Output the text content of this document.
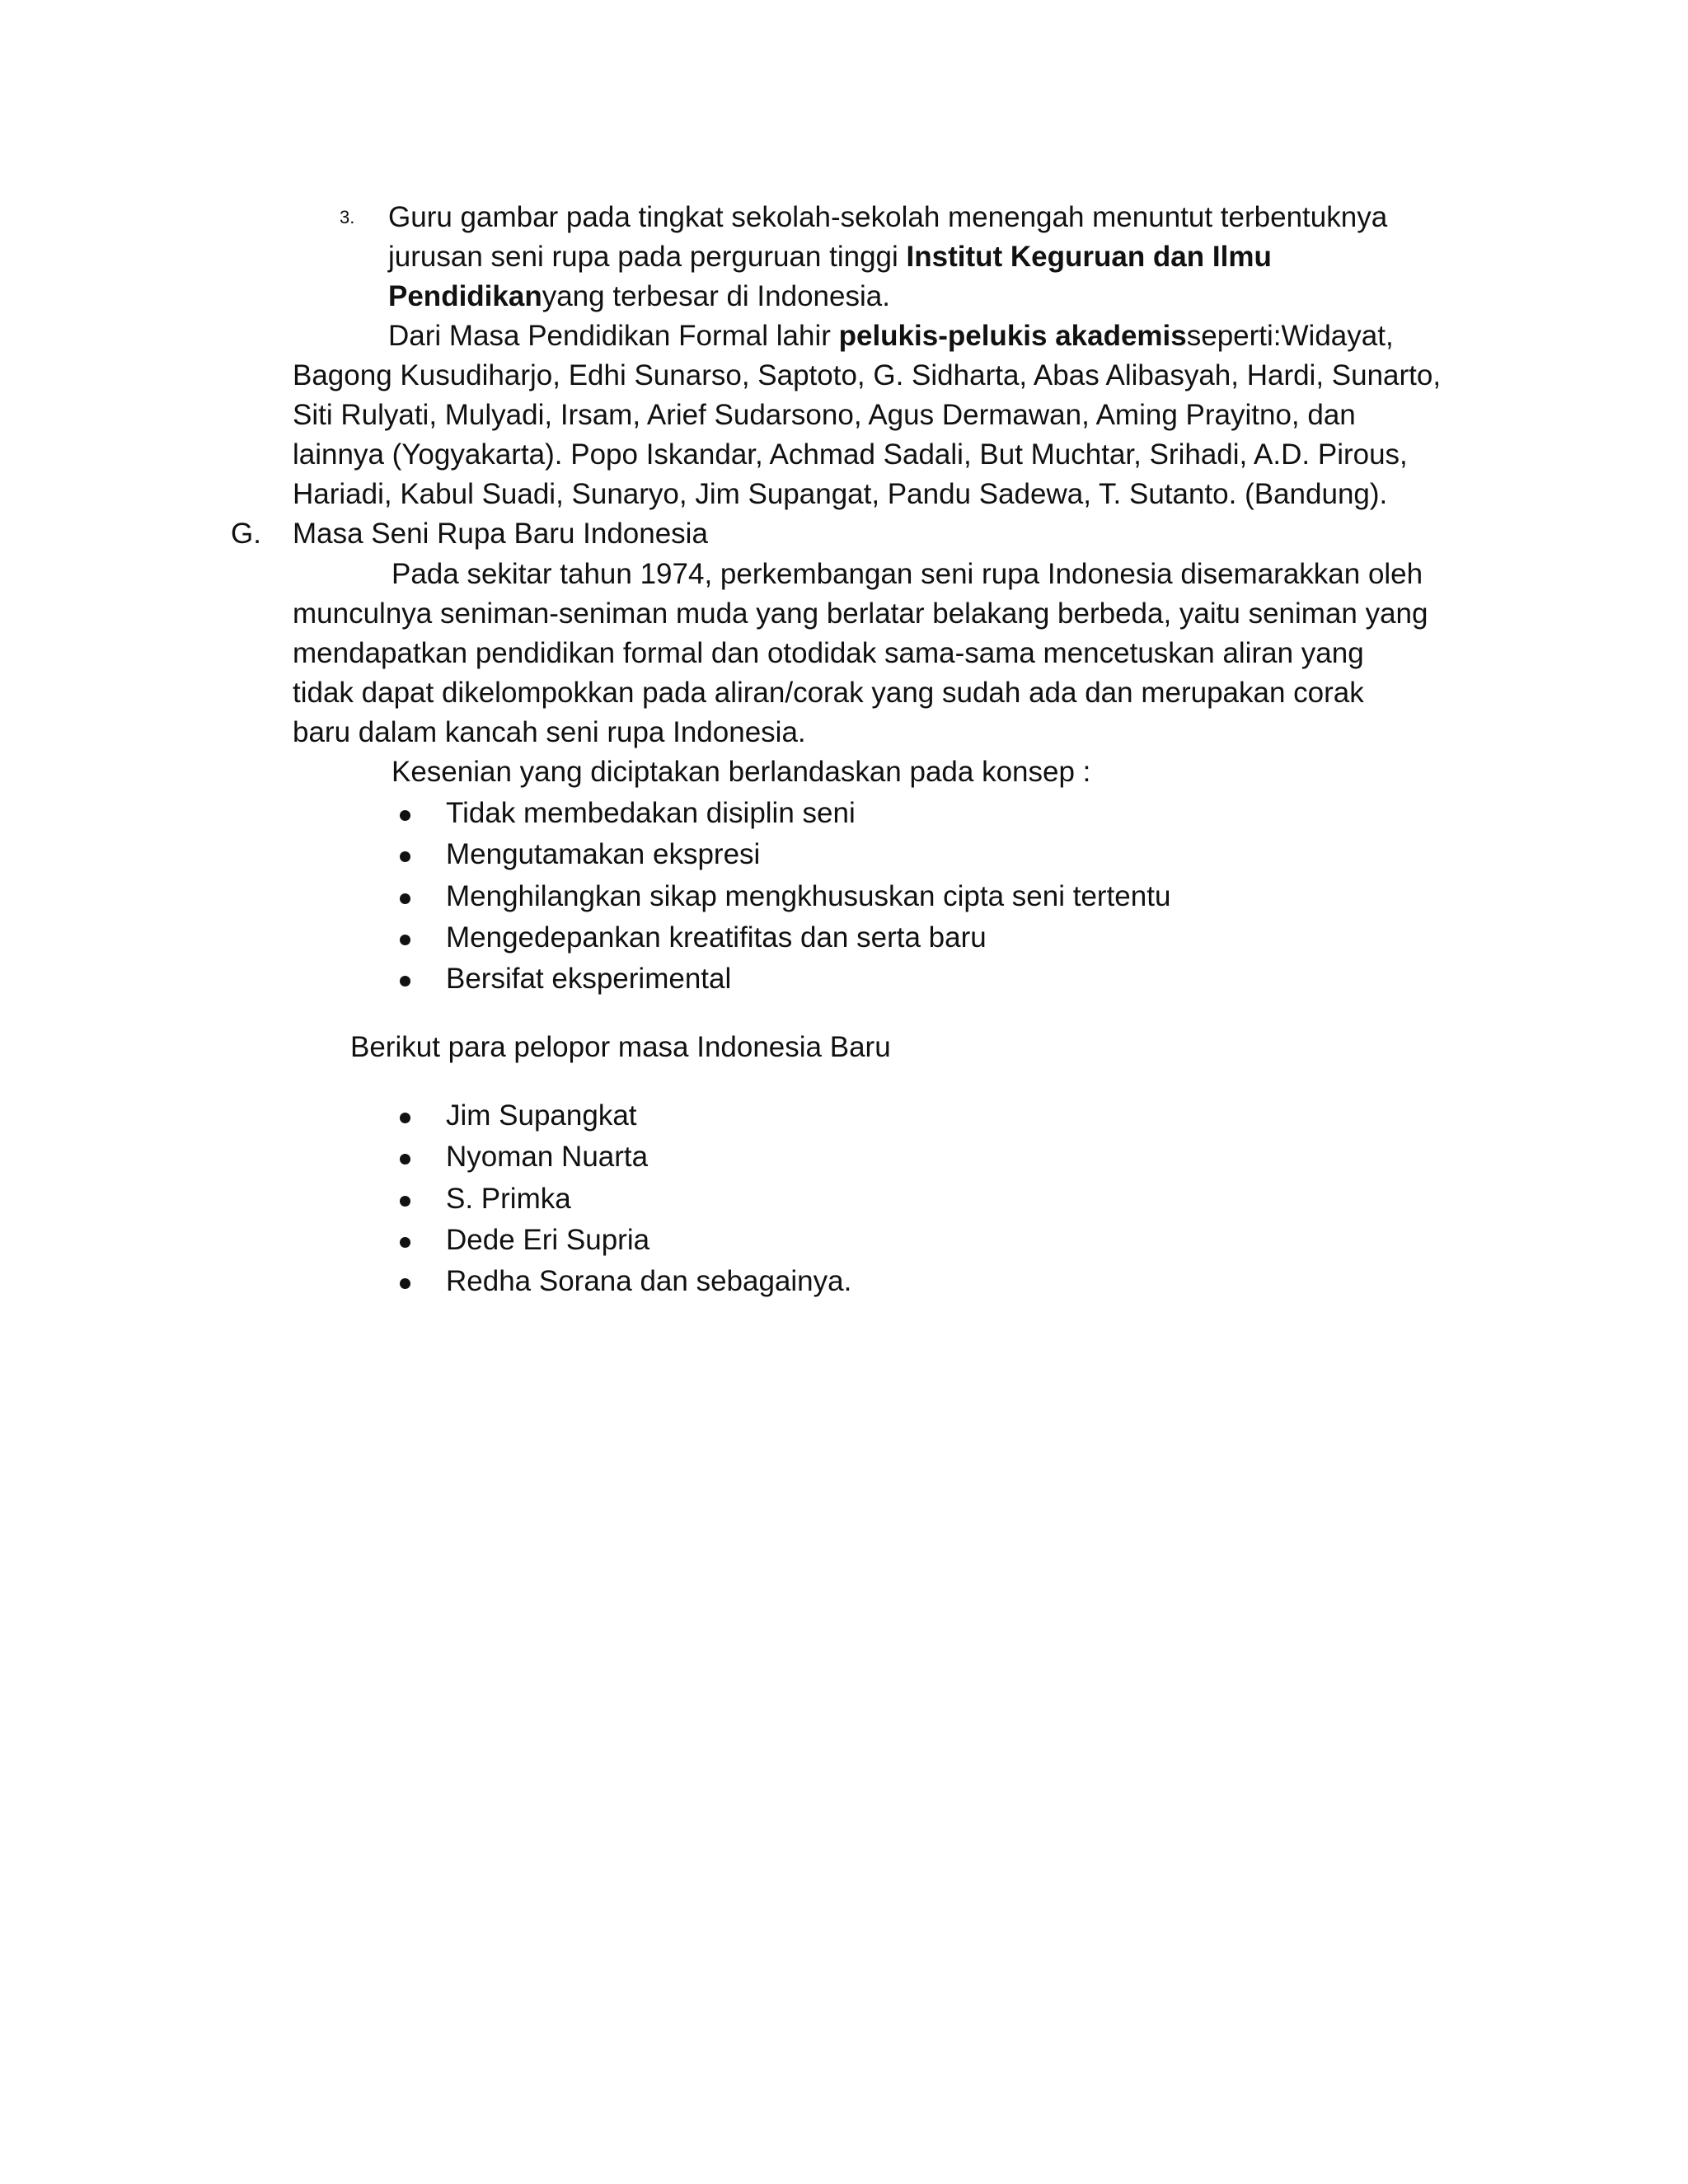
3. Guru gambar pada tingkat sekolah-sekolah menengah menuntut terbentuknya
jurusan seni rupa pada perguruan tinggi Institut Keguruan dan Ilmu
Pendidikanyang terbesar di Indonesia.
Dari Masa Pendidikan Formal lahir pelukis-pelukis akademisseperti:Widayat,
Bagong Kusudiharjo, Edhi Sunarso, Saptoto, G. Sidharta, Abas Alibasyah, Hardi, Sunarto,
Siti Rulyati, Mulyadi, Irsam, Arief Sudarsono, Agus Dermawan, Aming Prayitno, dan
lainnya (Yogyakarta). Popo Iskandar, Achmad Sadali, But Muchtar, Srihadi, A.D. Pirous,
Hariadi, Kabul Suadi, Sunaryo, Jim Supangat, Pandu Sadewa, T. Sutanto. (Bandung).
G. Masa Seni Rupa Baru Indonesia
Pada sekitar tahun 1974, perkembangan seni rupa Indonesia disemarakkan oleh
munculnya seniman-seniman muda yang berlatar belakang berbeda, yaitu seniman yang
mendapatkan pendidikan formal dan otodidak sama-sama mencetuskan aliran yang
tidak dapat dikelompokkan pada aliran/corak yang sudah ada dan merupakan corak
baru dalam kancah seni rupa Indonesia.
Kesenian yang diciptakan berlandaskan pada konsep :
Tidak membedakan disiplin seni
Mengutamakan ekspresi
Menghilangkan sikap mengkhususkan cipta seni tertentu
Mengedepankan kreatifitas dan serta baru
Bersifat eksperimental
Berikut para pelopor masa Indonesia Baru
Jim Supangkat
Nyoman Nuarta
S. Primka
Dede Eri Supria
Redha Sorana dan sebagainya.
